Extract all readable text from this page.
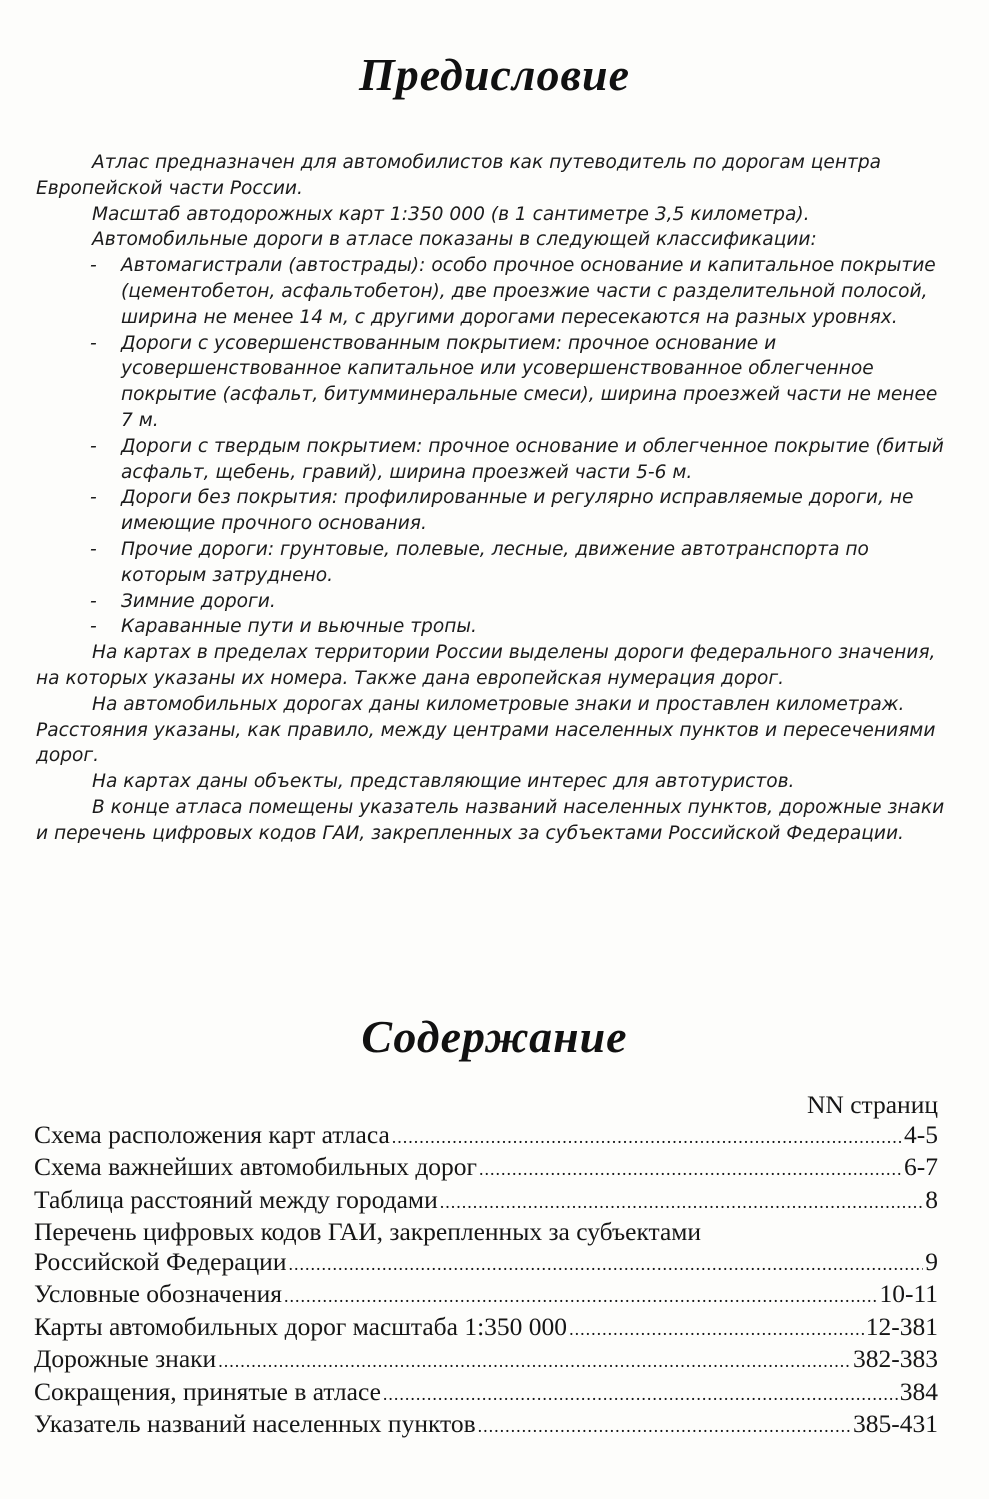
Предисловие

Атлас предназначен для автомобилистов как путеводитель по дорогам центра Европейской части России.

Масштаб автодорожных карт 1:350 000 (в 1 сантиметре 3,5 километра).

Автомобильные дороги в атласе показаны в следующей классификации:

- Автомагистрали (автострады): особо прочное основание и капитальное покрытие (цементобетон, асфальтобетон), две проезжие части с разделительной полосой, ширина не менее 14 м, с другими дорогами пересекаются на разных уровнях.
- Дороги с усовершенствованным покрытием: прочное основание и усовершенствованное капитальное или усовершенствованное облегченное покрытие (асфальт, битумминеральные смеси), ширина проезжей части не менее 7 м.
- Дороги с твердым покрытием: прочное основание и облегченное покрытие (битый асфальт, щебень, гравий), ширина проезжей части 5-6 м.
- Дороги без покрытия: профилированные и регулярно исправляемые дороги, не имеющие прочного основания.
- Прочие дороги: грунтовые, полевые, лесные, движение автотранспорта по которым затруднено.
- Зимние дороги.
- Караванные пути и вьючные тропы.

На картах в пределах территории России выделены дороги федерального значения, на которых указаны их номера. Также дана европейская нумерация дорог.

На автомобильных дорогах даны километровые знаки и проставлен километраж. Расстояния указаны, как правило, между центрами населенных пунктов и пересечениями дорог.

На картах даны объекты, представляющие интерес для автотуристов.

В конце атласа помещены указатель названий населенных пунктов, дорожные знаки и перечень цифровых кодов ГАИ, закрепленных за субъектами Российской Федерации.

Содержание
NN страниц
Схема расположения карт атласа .....	4-5
Схема важнейших автомобильных дорог .....	6-7
Таблица расстояний между городами .....	8
Перечень цифровых кодов ГАИ, закрепленных за субъектами
Российской Федерации .....	9
Условные обозначения .....	10-11
Карты автомобильных дорог масштаба 1:350 000 .....	12-381
Дорожные знаки .....	382-383
Сокращения, принятые в атласе .....	384
Указатель названий населенных пунктов .....	385-431
